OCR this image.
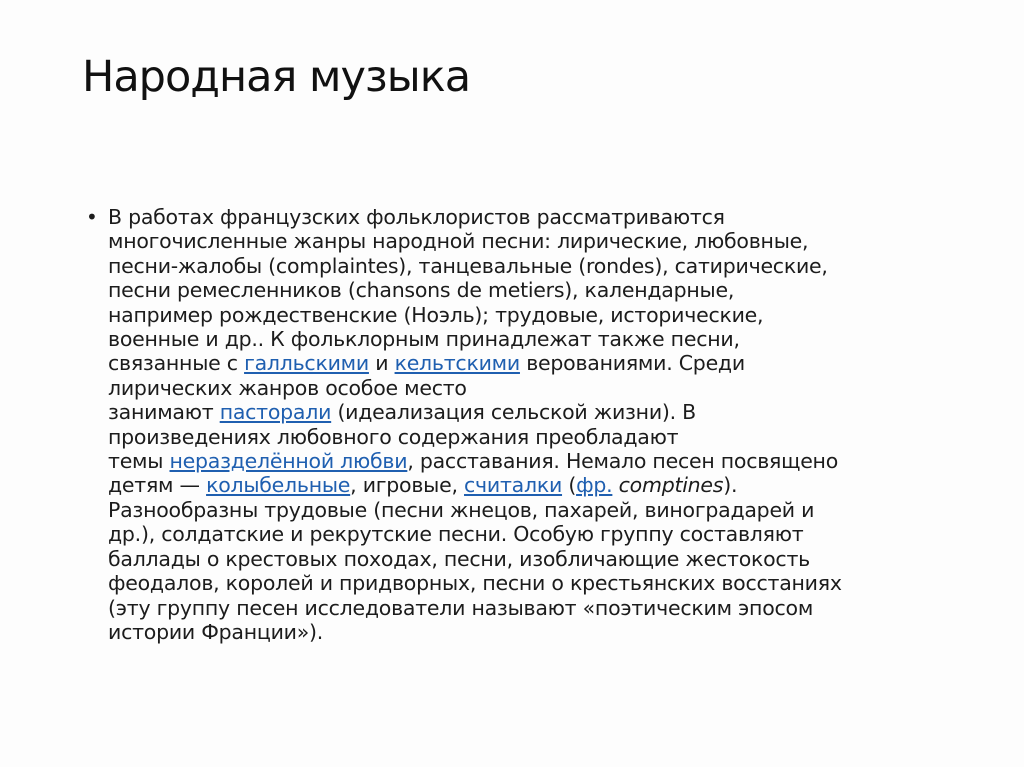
Народная музыка
• В работах французских фольклористов рассматриваются
многочисленные жанры народной песни: лирические, любовные,
песни-жалобы (complaintes), танцевальные (rondes), сатирические,
песни ремесленников (chansons de metiers), календарные,
например рождественские (Ноэль); трудовые, исторические,
военные и др.. К фольклорным принадлежат также песни,
связанные с галльскими и кельтскими верованиями. Среди
лирических жанров особое место
занимают пасторали (идеализация сельской жизни). В
произведениях любовного содержания преобладают
темы неразделённой любви, расставания. Немало песен посвящено
детям — колыбельные, игровые, считалки (фр. comptines).
Разнообразны трудовые (песни жнецов, пахарей, виноградарей и
др.), солдатские и рекрутские песни. Особую группу составляют
баллады о крестовых походах, песни, изобличающие жестокость
феодалов, королей и придворных, песни о крестьянских восстаниях
(эту группу песен исследователи называют «поэтическим эпосом
истории Франции»).
